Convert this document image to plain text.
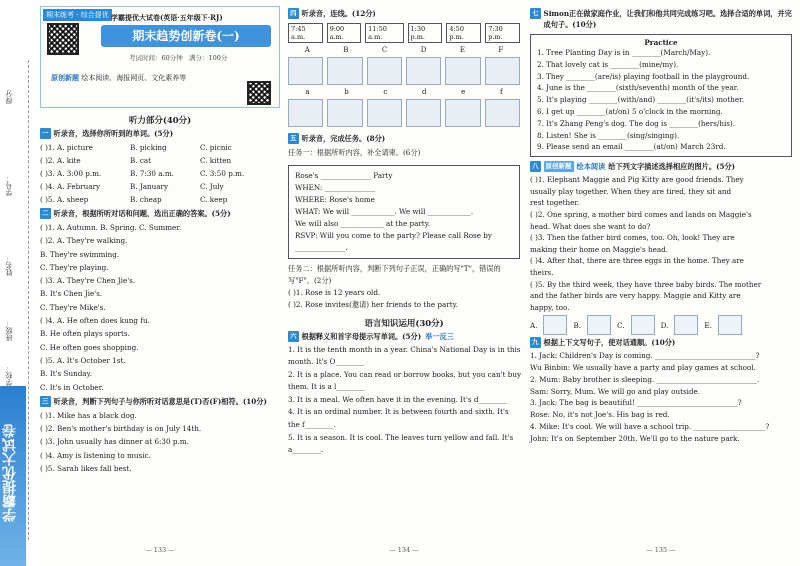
得分
学号：
姓名：
班级：
学校：
学霸提优大试卷
期末练考 · 综合提优 学霸提优大试卷(英语·五年级下·RJ)
期末趋势创新卷(一)
考试时间：60分钟 满分：100分
原创新题 绘本阅读、海报网页、文化素养等
听力部分(40分)
一 听录音，选择你所听到的单词。(5分)
( )1. A. picture	B. picking	C. picnic
( )2. A. kite	B. cat	C. kitten
( )3. A. 3:00 p.m.	B. 7:30 a.m.	C. 3:50 p.m.
( )4. A. February	B. January	C. July
( )5. A. sheep	B. cheap	C. keep
二 听录音，根据所听对话和问题，选出正确的答案。(5分)
( )1. A. Autumn. B. Spring. C. Summer.
( )2. A. They're walking.
B. They're swimming.
C. They're playing.
( )3. A. They're Chen Jie's.
B. It's Chen Jie's.
C. They're Mike's.
( )4. A. He often does kung fu.
B. He often plays sports.
C. He often goes shopping.
( )5. A. It's October 1st.
B. It's Sunday.
C. It's in October.
三 听录音，判断下列句子与你所听对话意思是(T)否(F)相符。(10分)
( )1. Mike has a black dog.
( )2. Ben's mother's birthday is on July 14th.
( )3. John usually has dinner at 6:30 p.m.
( )4. Amy is listening to music.
( )5. Sarah likes fall best.
— 133 —
四 听录音，连线。(12分)
7:45 a.m.
9:00 a.m.
11:50 a.m.
1:30 p.m.
4:50 p.m.
7:30 p.m.
A	B	C	D	E	F
a	b	c	d	e	f
五 听录音，完成任务。(8分)
任务一：根据所听内容，补全请柬。(6分)
Rose's ______________ Party
WHEN: ______________
WHERE: Rose's home
WHAT: We will ____________. We will ____________.
We will also ____________ at the party.
RSVP: Will you come to the party? Please call Rose by
______________.
任务二：根据所听内容，判断下列句子正误，正确的写"T"，错误的写"F"。(2分)
( )1. Rose is 12 years old.
( )2. Rose invites(邀请) her friends to the party.
语言知识运用(30分)
六 根据释义和首字母提示写单词。(5分) 举一反三
1. It is the tenth month in a year. China's National Day is in this
month. It's O________
2. It is a place. You can read or borrow books, but you can't buy
them. It is a l________
3. It is a meal. We often have it in the evening. It's d________
4. It is an ordinal number. It is between fourth and sixth. It's
the f________.
5. It is a season. It is cool. The leaves turn yellow and fall. It's
a________.
— 134 —
七 Simon正在做家庭作业，让我们和他共同完成练习吧。选择合适的单词，并完成句子。(10分)
Practice
1. Tree Planting Day is in ________(March/May).
2. That lovely cat is ________(mine/my).
3. They ________(are/is) playing football in the playground.
4. June is the ________(sixth/seventh) month of the year.
5. It's playing ________(with/and) ________(it's/its) mother.
6. I get up ________(at/on) 5 o'clock in the morning.
7. It's Zhang Peng's dog. The dog is ________(hers/his).
8. Listen! She is ________(sing/singing).
9. Please send an email ________(at/on) March 23rd.
八	原创新题 绘本阅读 给下列文字描述选择相应的图片。(5分)
( )1. Elephant Maggie and Pig Kitty are good friends. They
usually play together. When they are tired, they sit and
rest together.
( )2. One spring, a mother bird comes and lands on Maggie's
head. What does she want to do?
( )3. Then the father bird comes, too. Oh, look! They are
making their home on Maggie's head.
( )4. After that, there are three eggs in the home. They are
theirs.
( )5. By the third week, they have three baby birds. The mother
and the father birds are very happy. Maggie and Kitty are
happy, too.
A.	B.	C.	D.	E.
九 根据上下文写句子，使对话通顺。(10分)
1. Jack: Children's Day is coming. ____________________________?
Wu Binbin: We usually have a party and play games at school.
2. Mum: Baby brother is sleeping. ____________________________.
Sam: Sorry, Mum. We will go and play outside.
3. Jack: The bag is beautiful! ____________________________?
Rose: No, it's not Joe's. His bag is red.
4. Mike: It's cool. We will have a school trip. ____________________?
John: It's on September 20th. We'll go to the nature park.
— 135 —
